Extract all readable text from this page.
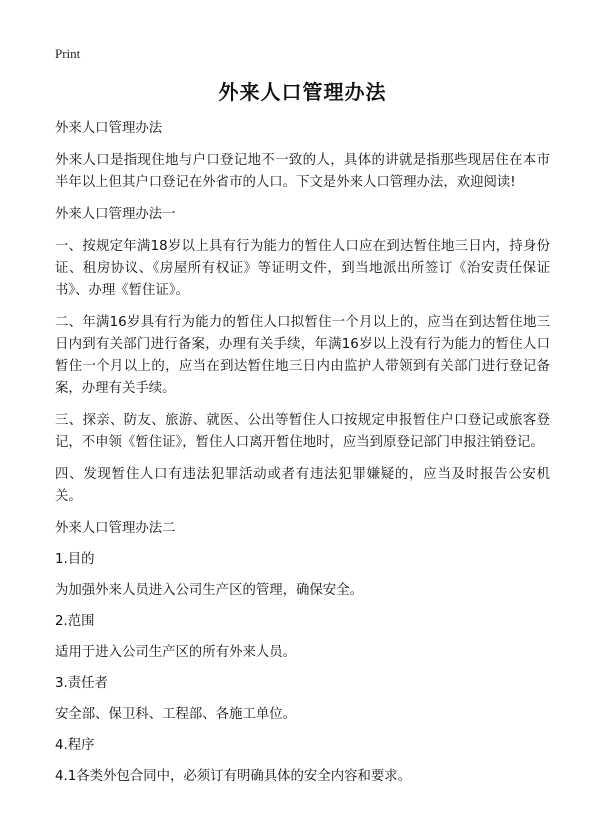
Print
外来人口管理办法

外来人口管理办法

外来人口是指现住地与户口登记地不一致的人，具体的讲就是指那些现居住在本市半年以上但其户口登记在外省市的人口。下文是外来人口管理办法，欢迎阅读!

外来人口管理办法一

一、按规定年满18岁以上具有行为能力的暂住人口应在到达暂住地三日内，持身份证、租房协议、《房屋所有权证》等证明文件，到当地派出所签订《治安责任保证书》、办理《暂住证》。

二、年满16岁具有行为能力的暂住人口拟暂住一个月以上的，应当在到达暂住地三日内到有关部门进行备案，办理有关手续，年满16岁以上没有行为能力的暂住人口暂住一个月以上的，应当在到达暂住地三日内由监护人带领到有关部门进行登记备案，办理有关手续。

三、探亲、防友、旅游、就医、公出等暂住人口按规定申报暂住户口登记或旅客登记，不申领《暂住证》，暂住人口离开暂住地时，应当到原登记部门申报注销登记。

四、发现暂住人口有违法犯罪活动或者有违法犯罪嫌疑的，应当及时报告公安机关。

外来人口管理办法二

1.目的

为加强外来人员进入公司生产区的管理，确保安全。

2.范围

适用于进入公司生产区的所有外来人员。

3.责任者

安全部、保卫科、工程部、各施工单位。

4.程序

4.1各类外包合同中，必须订有明确具体的安全内容和要求。
